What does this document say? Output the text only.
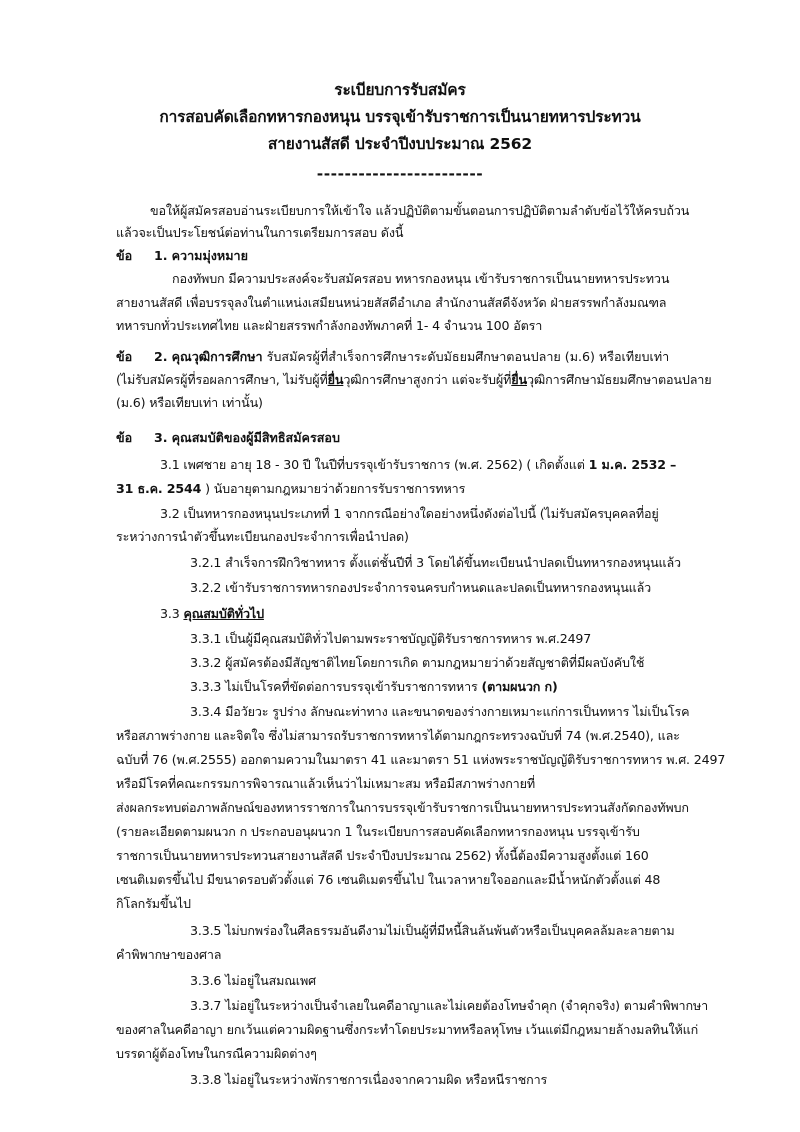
ระเบียบการรับสมัคร

การสอบคัดเลือกทหารกองหนุน บรรจุเข้ารับราชการเป็นนายทหารประทวน

สายงานสัสดี ประจำปีงบประมาณ 2562

------------------------

ขอให้ผู้สมัครสอบอ่านระเบียบการให้เข้าใจ แล้วปฏิบัติตามขั้นตอนการปฏิบัติตามลำดับข้อไว้ให้ครบถ้วน

แล้วจะเป็นประโยชน์ต่อท่านในการเตรียมการสอบ ดังนี้

ข้อ 1. ความมุ่งหมาย

กองทัพบก มีความประสงค์จะรับสมัครสอบ ทหารกองหนุน เข้ารับราชการเป็นนายทหารประทวน

สายงานสัสดี เพื่อบรรจุลงในตำแหน่งเสมียนหน่วยสัสดีอำเภอ สำนักงานสัสดีจังหวัด ฝ่ายสรรพกำลังมณฑล

ทหารบกทั่วประเทศไทย และฝ่ายสรรพกำลังกองทัพภาคที่ 1- 4 จำนวน 100 อัตรา

ข้อ 2. คุณวุฒิการศึกษา รับสมัครผู้ที่สำเร็จการศึกษาระดับมัธยมศึกษาตอนปลาย (ม.6) หรือเทียบเท่า

(ไม่รับสมัครผู้ที่รอผลการศึกษา, ไม่รับผู้ที่ยื่นวุฒิการศึกษาสูงกว่า แต่จะรับผู้ที่ยื่นวุฒิการศึกษามัธยมศึกษาตอนปลาย

(ม.6) หรือเทียบเท่า เท่านั้น)

ข้อ 3. คุณสมบัติของผู้มีสิทธิสมัครสอบ

3.1 เพศชาย อายุ 18 - 30 ปี ในปีที่บรรจุเข้ารับราชการ (พ.ศ. 2562) ( เกิดตั้งแต่ 1 ม.ค. 2532 –

31 ธ.ค. 2544 ) นับอายุตามกฎหมายว่าด้วยการรับราชการทหาร

3.2 เป็นทหารกองหนุนประเภทที่ 1 จากกรณีอย่างใดอย่างหนึ่งดังต่อไปนี้ (ไม่รับสมัครบุคคลที่อยู่

ระหว่างการนำตัวขึ้นทะเบียนกองประจำการเพื่อนำปลด)

3.2.1 สำเร็จการฝึกวิชาทหาร ตั้งแต่ชั้นปีที่ 3 โดยได้ขึ้นทะเบียนนำปลดเป็นทหารกองหนุนแล้ว

3.2.2 เข้ารับราชการทหารกองประจำการจนครบกำหนดและปลดเป็นทหารกองหนุนแล้ว

3.3 คุณสมบัติทั่วไป

3.3.1 เป็นผู้มีคุณสมบัติทั่วไปตามพระราชบัญญัติรับราชการทหาร พ.ศ.2497

3.3.2 ผู้สมัครต้องมีสัญชาติไทยโดยการเกิด ตามกฎหมายว่าด้วยสัญชาติที่มีผลบังคับใช้

3.3.3 ไม่เป็นโรคที่ขัดต่อการบรรจุเข้ารับราชการทหาร (ตามผนวก ก)

3.3.4 มีอวัยวะ รูปร่าง ลักษณะท่าทาง และขนาดของร่างกายเหมาะแก่การเป็นทหาร ไม่เป็นโรค

หรือสภาพร่างกาย และจิตใจ ซึ่งไม่สามารถรับราชการทหารได้ตามกฎกระทรวงฉบับที่ 74 (พ.ศ.2540), และ

ฉบับที่ 76 (พ.ศ.2555) ออกตามความในมาตรา 41 และมาตรา 51 แห่งพระราชบัญญัติรับราชการทหาร พ.ศ. 2497

หรือมีโรคที่คณะกรรมการพิจารณาแล้วเห็นว่าไม่เหมาะสม หรือมีสภาพร่างกายที่

ส่งผลกระทบต่อภาพลักษณ์ของทหารราชการในการบรรจุเข้ารับราชการเป็นนายทหารประทวนสังกัดกองทัพบก

(รายละเอียดตามผนวก ก ประกอบอนุผนวก 1 ในระเบียบการสอบคัดเลือกทหารกองหนุน บรรจุเข้ารับ

ราชการเป็นนายทหารประทวนสายงานสัสดี ประจำปีงบประมาณ 2562) ทั้งนี้ต้องมีความสูงตั้งแต่ 160

เซนติเมตรขึ้นไป มีขนาดรอบตัวตั้งแต่ 76 เซนติเมตรขึ้นไป ในเวลาหายใจออกและมีน้ำหนักตัวตั้งแต่ 48

กิโลกรัมขึ้นไป

3.3.5 ไม่บกพร่องในศีลธรรมอันดีงามไม่เป็นผู้ที่มีหนี้สินล้นพ้นตัวหรือเป็นบุคคลล้มละลายตาม

คำพิพากษาของศาล

3.3.6 ไม่อยู่ในสมณเพศ

3.3.7 ไม่อยู่ในระหว่างเป็นจำเลยในคดีอาญาและไม่เคยต้องโทษจำคุก (จำคุกจริง) ตามคำพิพากษา

ของศาลในคดีอาญา ยกเว้นแต่ความผิดฐานซึ่งกระทำโดยประมาทหรือลหุโทษ เว้นแต่มีกฎหมายล้างมลทินให้แก่

บรรดาผู้ต้องโทษในกรณีความผิดต่างๆ

3.3.8 ไม่อยู่ในระหว่างพักราชการเนื่องจากความผิด หรือหนีราชการ
